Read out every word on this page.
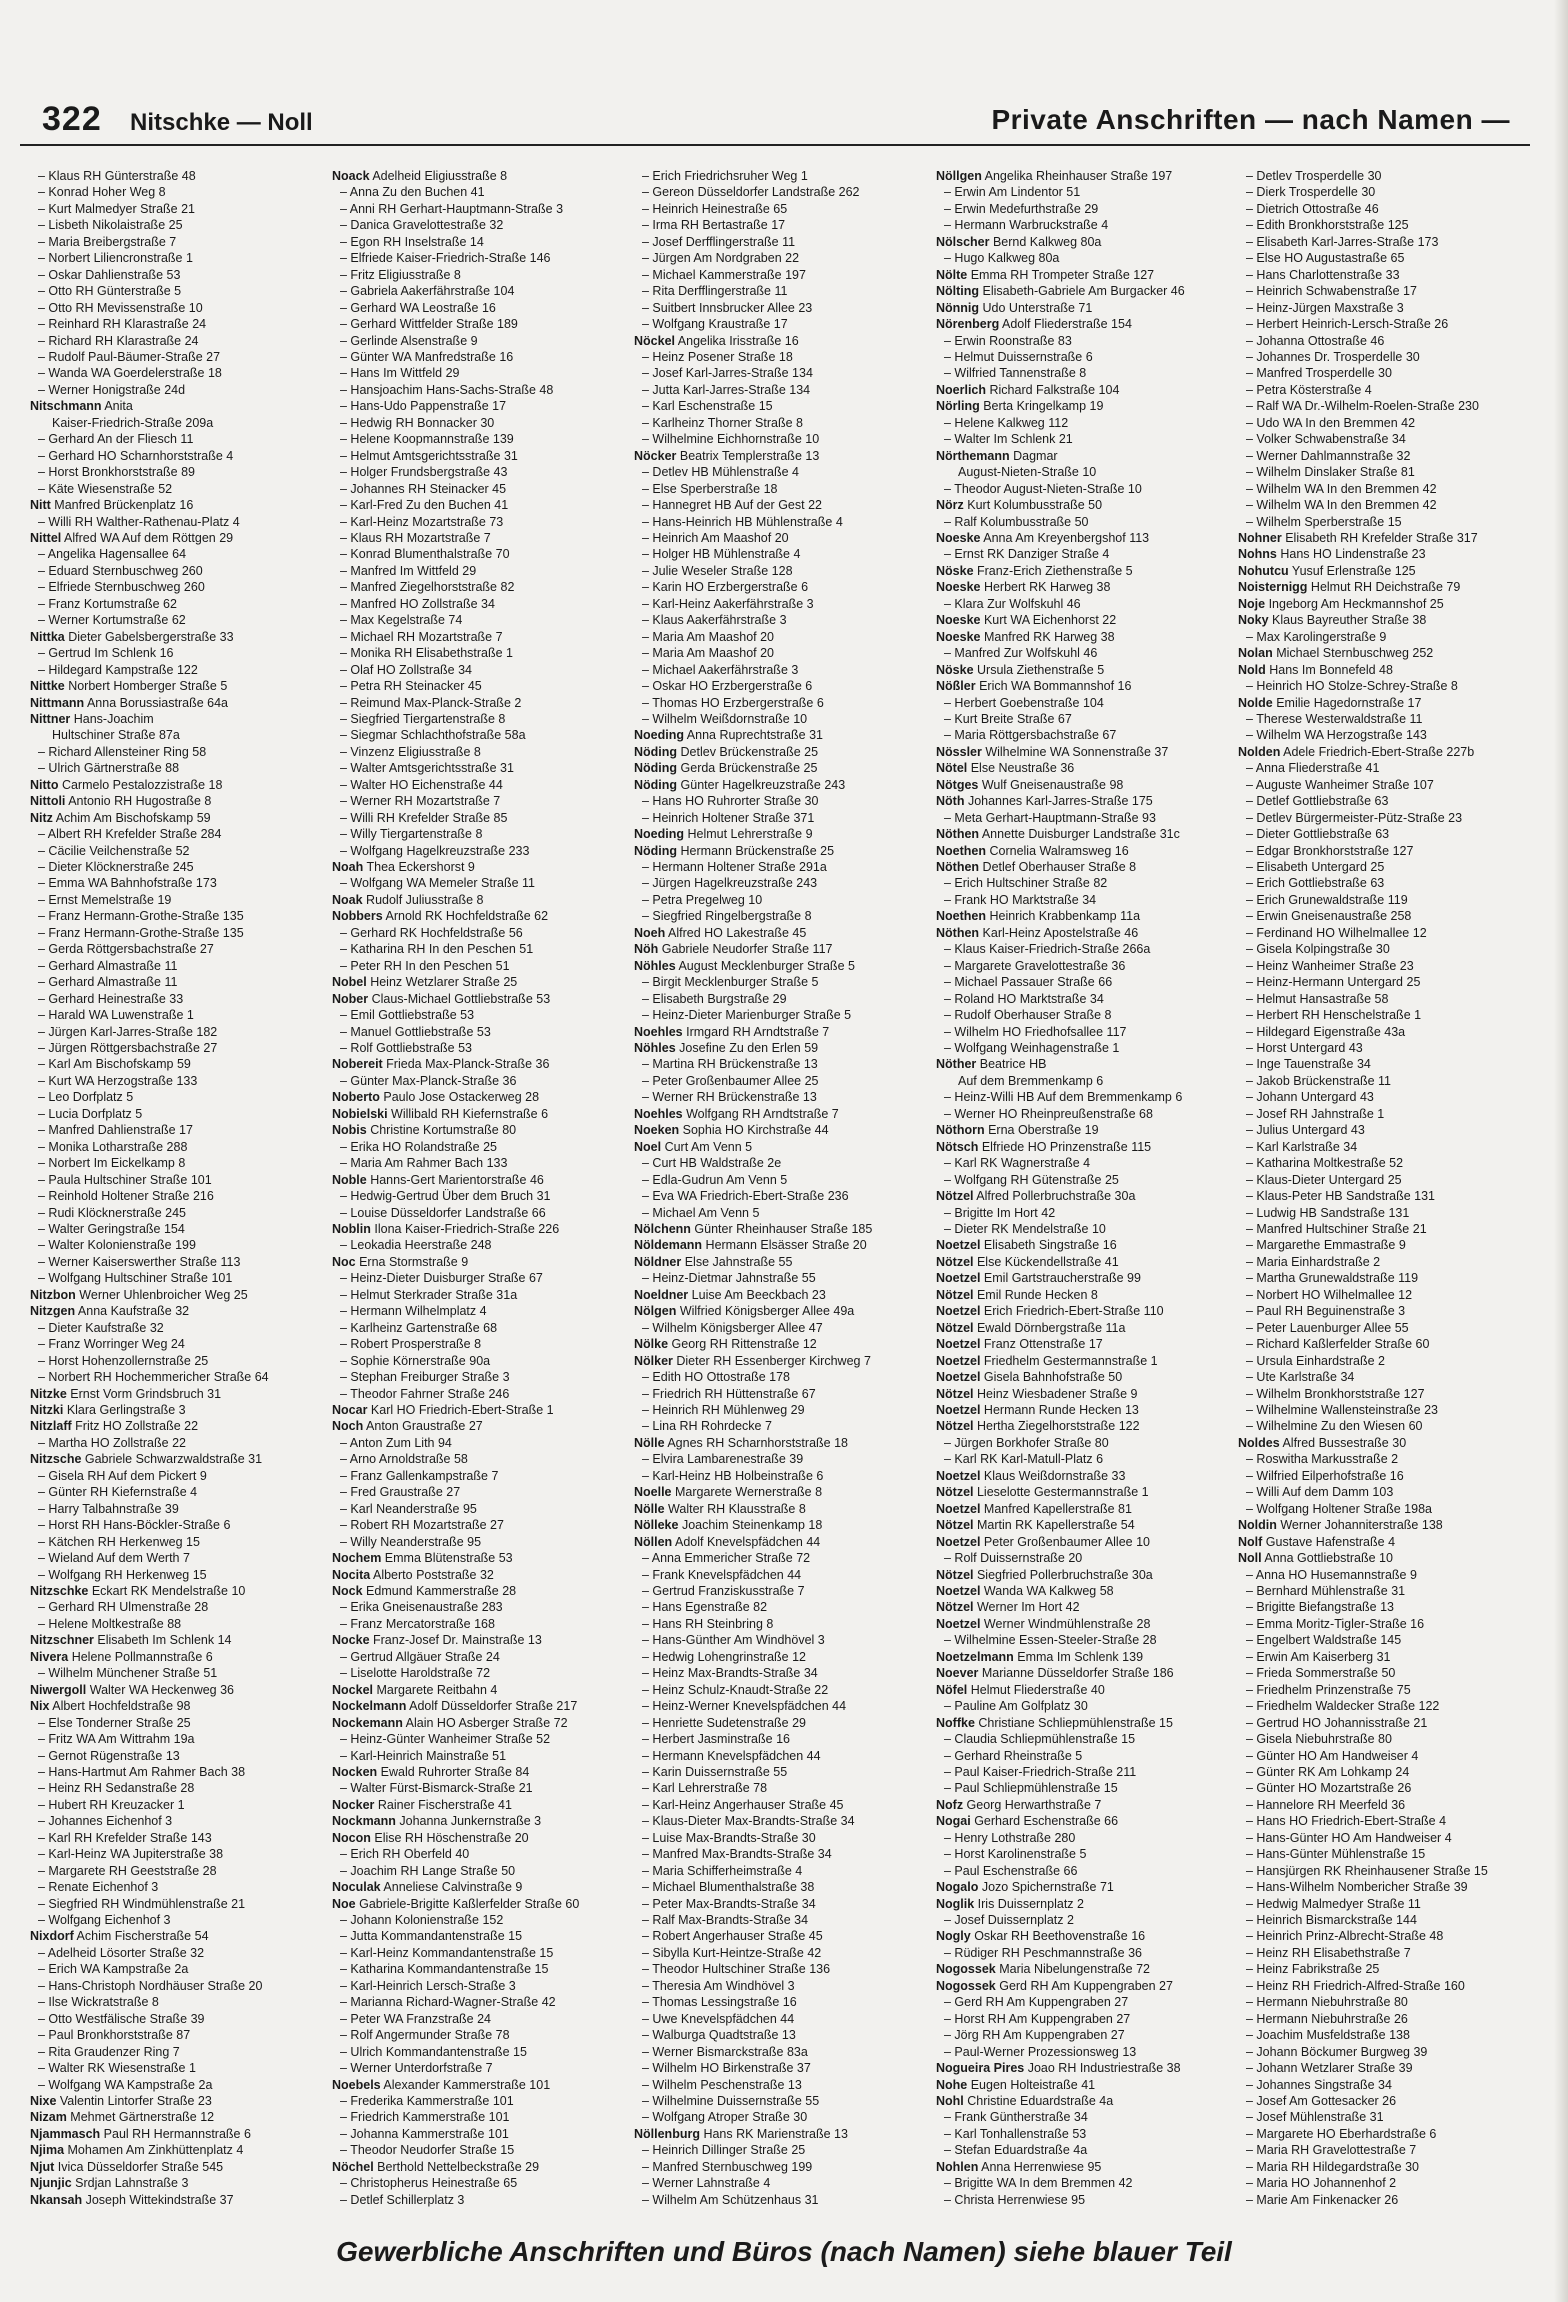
322 Nitschke — Noll	Private Anschriften — nach Namen —
– Klaus RH Günterstraße 48
– Konrad Hoher Weg 8
– Kurt Malmedyer Straße 21
– Lisbeth Nikolaistraße 25
– Maria Breibergstraße 7
– Norbert Liliencronstraße 1
– Oskar Dahlienstraße 53
– Otto RH Günterstraße 5
– Otto RH Mevissenstraße 10
– Reinhard RH Klarastraße 24
– Richard RH Klarastraße 24
– Rudolf Paul-Bäumer-Straße 27
– Wanda WA Goerdelerstraße 18
– Werner Honigstraße 24d
Nitschmann Anita
Kaiser-Friedrich-Straße 209a
– Gerhard An der Fliesch 11
– Gerhard HO Scharnhorststraße 4
– Horst Bronkhorststraße 89
– Käte Wiesenstraße 52
Nitt Manfred Brückenplatz 16
– Willi RH Walther-Rathenau-Platz 4
Nittel Alfred WA Auf dem Röttgen 29
– Angelika Hagensallee 64
– Eduard Sternbuschweg 260
– Elfriede Sternbuschweg 260
– Franz Kortumstraße 62
– Werner Kortumstraße 62
Nittka Dieter Gabelsbergerstraße 33
– Gertrud Im Schlenk 16
– Hildegard Kampstraße 122
Nittke Norbert Homberger Straße 5
Nittmann Anna Borussiastraße 64a
Nittner Hans-Joachim
Hultschiner Straße 87a
– Richard Allensteiner Ring 58
– Ulrich Gärtnerstraße 88
Nitto Carmelo Pestalozzistraße 18
Nittoli Antonio RH Hugostraße 8
Nitz Achim Am Bischofskamp 59
– Albert RH Krefelder Straße 284
– Cäcilie Veilchenstraße 52
– Dieter Klöcknerstraße 245
– Emma WA Bahnhofstraße 173
– Ernst Memelstraße 19
– Franz Hermann-Grothe-Straße 135
– Franz Hermann-Grothe-Straße 135
– Gerda Röttgersbachstraße 27
– Gerhard Almastraße 11
– Gerhard Almastraße 11
– Gerhard Heinestraße 33
– Harald WA Luwenstraße 1
– Jürgen Karl-Jarres-Straße 182
– Jürgen Röttgersbachstraße 27
– Karl Am Bischofskamp 59
– Kurt WA Herzogstraße 133
– Leo Dorfplatz 5
– Lucia Dorfplatz 5
– Manfred Dahlienstraße 17
– Monika Lotharstraße 288
– Norbert Im Eickelkamp 8
– Paula Hultschiner Straße 101
– Reinhold Holtener Straße 216
– Rudi Klöcknerstraße 245
– Walter Geringstraße 154
– Walter Kolonienstraße 199
– Werner Kaiserswerther Straße 113
– Wolfgang Hultschiner Straße 101
Nitzbon Werner Uhlenbroicher Weg 25
Nitzgen Anna Kaufstraße 32
– Dieter Kaufstraße 32
– Franz Worringer Weg 24
– Horst Hohenzollernstraße 25
– Norbert RH Hochemmericher Straße 64
Nitzke Ernst Vorm Grindsbruch 31
Nitzki Klara Gerlingstraße 3
Nitzlaff Fritz HO Zollstraße 22
– Martha HO Zollstraße 22
Nitzsche Gabriele Schwarzwaldstraße 31
– Gisela RH Auf dem Pickert 9
– Günter RH Kiefernstraße 4
– Harry Talbahnstraße 39
– Horst RH Hans-Böckler-Straße 6
– Kätchen RH Herkenweg 15
– Wieland Auf dem Werth 7
– Wolfgang RH Herkenweg 15
Nitzschke Eckart RK Mendelstraße 10
– Gerhard RH Ulmenstraße 28
– Helene Moltkestraße 88
Nitzschner Elisabeth Im Schlenk 14
Nivera Helene Pollmannstraße 6
– Wilhelm Münchener Straße 51
Niwergoll Walter WA Heckenweg 36
Nix Albert Hochfeldstraße 98
– Else Tonderner Straße 25
– Fritz WA Am Wittrahm 19a
– Gernot Rügenstraße 13
– Hans-Hartmut Am Rahmer Bach 38
– Heinz RH Sedanstraße 28
– Hubert RH Kreuzacker 1
– Johannes Eichenhof 3
– Karl RH Krefelder Straße 143
– Karl-Heinz WA Jupiterstraße 38
– Margarete RH Geeststraße 28
– Renate Eichenhof 3
– Siegfried RH Windmühlenstraße 21
– Wolfgang Eichenhof 3
Nixdorf Achim Fischerstraße 54
– Adelheid Lösorter Straße 32
– Erich WA Kampstraße 2a
– Hans-Christoph Nordhäuser Straße 20
– Ilse Wickratstraße 8
– Otto Westfälische Straße 39
– Paul Bronkhorststraße 87
– Rita Graudenzer Ring 7
– Walter RK Wiesenstraße 1
– Wolfgang WA Kampstraße 2a
Nixe Valentin Lintorfer Straße 23
Nizam Mehmet Gärtnerstraße 12
Njammasch Paul RH Hermannstraße 6
Njima Mohamen Am Zinkhüttenplatz 4
Njut Ivica Düsseldorfer Straße 545
Njunjic Srdjan Lahnstraße 3
Nkansah Joseph Wittekindstraße 37
Noack Adelheid Eligiusstraße 8
– Anna Zu den Buchen 41
– Anni RH Gerhart-Hauptmann-Straße 3
– Danica Gravelottestraße 32
– Egon RH Inselstraße 14
– Elfriede Kaiser-Friedrich-Straße 146
– Fritz Eligiusstraße 8
– Gabriela Aakerfährstraße 104
– Gerhard WA Leostraße 16
– Gerhard Wittfelder Straße 189
– Gerlinde Alsenstraße 9
– Günter WA Manfredstraße 16
– Hans Im Wittfeld 29
– Hansjoachim Hans-Sachs-Straße 48
– Hans-Udo Pappenstraße 17
– Hedwig RH Bonnacker 30
– Helene Koopmannstraße 139
– Helmut Amtsgerichtsstraße 31
– Holger Frundsbergstraße 43
– Johannes RH Steinacker 45
– Karl-Fred Zu den Buchen 41
– Karl-Heinz Mozartstraße 73
– Klaus RH Mozartstraße 7
– Konrad Blumenthalstraße 70
– Manfred Im Wittfeld 29
– Manfred Ziegelhorststraße 82
– Manfred HO Zollstraße 34
– Max Kegelstraße 74
– Michael RH Mozartstraße 7
– Monika RH Elisabethstraße 1
– Olaf HO Zollstraße 34
– Petra RH Steinacker 45
– Reimund Max-Planck-Straße 2
– Siegfried Tiergartenstraße 8
– Siegmar Schlachthofstraße 58a
– Vinzenz Eligiusstraße 8
– Walter Amtsgerichtsstraße 31
– Walter HO Eichenstraße 44
– Werner RH Mozartstraße 7
– Willi RH Krefelder Straße 85
– Willy Tiergartenstraße 8
– Wolfgang Hagelkreuzstraße 233
Noah Thea Eckershorst 9
– Wolfgang WA Memeler Straße 11
Noak Rudolf Juliusstraße 8
Nobbers Arnold RK Hochfeldstraße 62
– Gerhard RK Hochfeldstraße 56
– Katharina RH In den Peschen 51
– Peter RH In den Peschen 51
Nobel Heinz Wetzlarer Straße 25
Nober Claus-Michael Gottliebstraße 53
– Emil Gottliebstraße 53
– Manuel Gottliebstraße 53
– Rolf Gottliebstraße 53
Nobereit Frieda Max-Planck-Straße 36
– Günter Max-Planck-Straße 36
Noberto Paulo Jose Ostackerweg 28
Nobielski Willibald RH Kiefernstraße 6
Nobis Christine Kortumstraße 80
– Erika HO Rolandstraße 25
– Maria Am Rahmer Bach 133
Noble Hanns-Gert Marientorstraße 46
– Hedwig-Gertrud Über dem Bruch 31
– Louise Düsseldorfer Landstraße 66
Noblin Ilona Kaiser-Friedrich-Straße 226
– Leokadia Heerstraße 248
Noc Erna Stormstraße 9
– Heinz-Dieter Duisburger Straße 67
– Helmut Sterkrader Straße 31a
– Hermann Wilhelmplatz 4
– Karlheinz Gartenstraße 68
– Robert Prosperstraße 8
– Sophie Körnerstraße 90a
– Stephan Freiburger Straße 3
– Theodor Fahrner Straße 246
Nocar Karl HO Friedrich-Ebert-Straße 1
Noch Anton Graustraße 27
– Anton Zum Lith 94
– Arno Arnoldstraße 58
– Franz Gallenkampstraße 7
– Fred Graustraße 27
– Karl Neanderstraße 95
– Robert RH Mozartstraße 27
– Willy Neanderstraße 95
Nochem Emma Blütenstraße 53
Nocita Alberto Poststraße 32
Nock Edmund Kammerstraße 28
– Erika Gneisenaustraße 283
– Franz Mercatorstraße 168
Nocke Franz-Josef Dr. Mainstraße 13
– Gertrud Allgäuer Straße 24
– Liselotte Haroldstraße 72
Nockel Margarete Reitbahn 4
Nockelmann Adolf Düsseldorfer Straße 217
Nockemann Alain HO Asberger Straße 72
– Heinz-Günter Wanheimer Straße 52
– Karl-Heinrich Mainstraße 51
Nocken Ewald Ruhrorter Straße 84
– Walter Fürst-Bismarck-Straße 21
Nocker Rainer Fischerstraße 41
Nockmann Johanna Junkernstraße 3
Nocon Elise RH Höschenstraße 20
– Erich RH Oberfeld 40
– Joachim RH Lange Straße 50
Noculak Anneliese Calvinstraße 9
Noe Gabriele-Brigitte Kaßlerfelder Straße 60
– Johann Kolonienstraße 152
– Jutta Kommandantenstraße 15
– Karl-Heinz Kommandantenstraße 15
– Katharina Kommandantenstraße 15
– Karl-Heinrich Lersch-Straße 3
– Marianna Richard-Wagner-Straße 42
– Peter WA Franzstraße 24
– Rolf Angermunder Straße 78
– Ulrich Kommandantenstraße 15
– Werner Unterdorfstraße 7
Noebels Alexander Kammerstraße 101
– Frederika Kammerstraße 101
– Friedrich Kammerstraße 101
– Johanna Kammerstraße 101
– Theodor Neudorfer Straße 15
Nöchel Berthold Nettelbeckstraße 29
– Christopherus Heinestraße 65
– Detlef Schillerplatz 3
– Erich Friedrichsruher Weg 1
– Gereon Düsseldorfer Landstraße 262
– Heinrich Heinestraße 65
– Irma RH Bertastraße 17
– Josef Derfflingerstraße 11
– Jürgen Am Nordgraben 22
– Michael Kammerstraße 197
– Rita Derfflingerstraße 11
– Suitbert Innsbrucker Allee 23
– Wolfgang Kraustraße 17
Nöckel Angelika Irisstraße 16
– Heinz Posener Straße 18
– Josef Karl-Jarres-Straße 134
– Jutta Karl-Jarres-Straße 134
– Karl Eschenstraße 15
– Karlheinz Thorner Straße 8
– Wilhelmine Eichhornstraße 10
Nöcker Beatrix Templerstraße 13
– Detlev HB Mühlenstraße 4
– Else Sperberstraße 18
– Hannegret HB Auf der Gest 22
– Hans-Heinrich HB Mühlenstraße 4
– Heinrich Am Maashof 20
– Holger HB Mühlenstraße 4
– Julie Weseler Straße 128
– Karin HO Erzbergerstraße 6
– Karl-Heinz Aakerfährstraße 3
– Klaus Aakerfährstraße 3
– Maria Am Maashof 20
– Maria Am Maashof 20
– Michael Aakerfährstraße 3
– Oskar HO Erzbergerstraße 6
– Thomas HO Erzbergerstraße 6
– Wilhelm Weißdornstraße 10
Noeding Anna Ruprechtstraße 31
Nöding Detlev Brückenstraße 25
Nöding Gerda Brückenstraße 25
Nöding Günter Hagelkreuzstraße 243
– Hans HO Ruhrorter Straße 30
– Heinrich Holtener Straße 371
Noeding Helmut Lehrerstraße 9
Nöding Hermann Brückenstraße 25
– Hermann Holtener Straße 291a
– Jürgen Hagelkreuzstraße 243
– Petra Pregelweg 10
– Siegfried Ringelbergstraße 8
Noeh Alfred HO Lakestraße 45
Nöh Gabriele Neudorfer Straße 117
Nöhles August Mecklenburger Straße 5
– Birgit Mecklenburger Straße 5
– Elisabeth Burgstraße 29
– Heinz-Dieter Marienburger Straße 5
Noehles Irmgard RH Arndtstraße 7
Nöhles Josefine Zu den Erlen 59
– Martina RH Brückenstraße 13
– Peter Großenbaumer Allee 25
– Werner RH Brückenstraße 13
Noehles Wolfgang RH Arndtstraße 7
Noeken Sophia HO Kirchstraße 44
Noel Curt Am Venn 5
– Curt HB Waldstraße 2e
– Edla-Gudrun Am Venn 5
– Eva WA Friedrich-Ebert-Straße 236
– Michael Am Venn 5
Nölchenn Günter Rheinhauser Straße 185
Nöldemann Hermann Elsässer Straße 20
Nöldner Else Jahnstraße 55
– Heinz-Dietmar Jahnstraße 55
Noeldner Luise Am Beeckbach 23
Nölgen Wilfried Königsberger Allee 49a
– Wilhelm Königsberger Allee 47
Nölke Georg RH Rittenstraße 12
Nölker Dieter RH Essenberger Kirchweg 7
– Edith HO Ottostraße 178
– Friedrich RH Hüttenstraße 67
– Heinrich RH Mühlenweg 29
– Lina RH Rohrdecke 7
Nölle Agnes RH Scharnhorststraße 18
– Elvira Lambarenestraße 39
– Karl-Heinz HB Holbeinstraße 6
Noelle Margarete Wernerstraße 8
Nölle Walter RH Klausstraße 8
Nölleke Joachim Steinenkamp 18
Nöllen Adolf Knevelspfädchen 44
– Anna Emmericher Straße 72
– Frank Knevelspfädchen 44
– Gertrud Franziskusstraße 7
– Hans Egenstraße 82
– Hans RH Steinbring 8
– Hans-Günther Am Windhövel 3
– Hedwig Lohengrinstraße 12
– Heinz Max-Brandts-Straße 34
– Heinz Schulz-Knaudt-Straße 22
– Heinz-Werner Knevelspfädchen 44
– Henriette Sudetenstraße 29
– Herbert Jasminstraße 16
– Hermann Knevelspfädchen 44
– Karin Duissernstraße 55
– Karl Lehrerstraße 78
– Karl-Heinz Angerhauser Straße 45
– Klaus-Dieter Max-Brandts-Straße 34
– Luise Max-Brandts-Straße 30
– Manfred Max-Brandts-Straße 34
– Maria Schifferheimstraße 4
– Michael Blumenthalstraße 38
– Peter Max-Brandts-Straße 34
– Ralf Max-Brandts-Straße 34
– Robert Angerhauser Straße 45
– Sibylla Kurt-Heintze-Straße 42
– Theodor Hultschiner Straße 136
– Theresia Am Windhövel 3
– Thomas Lessingstraße 16
– Uwe Knevelspfädchen 44
– Walburga Quadtstraße 13
– Werner Bismarckstraße 83a
– Wilhelm HO Birkenstraße 37
– Wilhelm Peschenstraße 13
– Wilhelmine Duissernstraße 55
– Wolfgang Atroper Straße 30
Nöllenburg Hans RK Marienstraße 13
– Heinrich Dillinger Straße 25
– Manfred Sternbuschweg 199
– Werner Lahnstraße 4
– Wilhelm Am Schützenhaus 31
Nöllgen Angelika Rheinhauser Straße 197
– Erwin Am Lindentor 51
– Erwin Medefurthstraße 29
– Hermann Warbruckstraße 4
Nölscher Bernd Kalkweg 80a
– Hugo Kalkweg 80a
Nölte Emma RH Trompeter Straße 127
Nölting Elisabeth-Gabriele Am Burgacker 46
Nönnig Udo Unterstraße 71
Nörenberg Adolf Fliederstraße 154
– Erwin Roonstraße 83
– Helmut Duissernstraße 6
– Wilfried Tannenstraße 8
Noerlich Richard Falkstraße 104
Nörling Berta Kringelkamp 19
– Helene Kalkweg 112
– Walter Im Schlenk 21
Nörthemann Dagmar
August-Nieten-Straße 10
– Theodor August-Nieten-Straße 10
Nörz Kurt Kolumbusstraße 50
– Ralf Kolumbusstraße 50
Noeske Anna Am Kreyenbergshof 113
– Ernst RK Danziger Straße 4
Nöske Franz-Erich Ziethenstraße 5
Noeske Herbert RK Harweg 38
– Klara Zur Wolfskuhl 46
Noeske Kurt WA Eichenhorst 22
Noeske Manfred RK Harweg 38
– Manfred Zur Wolfskuhl 46
Nöske Ursula Ziethenstraße 5
Nößler Erich WA Bommannshof 16
– Herbert Goebenstraße 104
– Kurt Breite Straße 67
– Maria Röttgersbachstraße 67
Nössler Wilhelmine WA Sonnenstraße 37
Nötel Else Neustraße 36
Nötges Wulf Gneisenaustraße 98
Nöth Johannes Karl-Jarres-Straße 175
– Meta Gerhart-Hauptmann-Straße 93
Nöthen Annette Duisburger Landstraße 31c
Noethen Cornelia Walramsweg 16
Nöthen Detlef Oberhauser Straße 8
– Erich Hultschiner Straße 82
– Frank HO Marktstraße 34
Noethen Heinrich Krabbenkamp 11a
Nöthen Karl-Heinz Apostelstraße 46
– Klaus Kaiser-Friedrich-Straße 266a
– Margarete Gravelottestraße 36
– Michael Passauer Straße 66
– Roland HO Marktstraße 34
– Rudolf Oberhauser Straße 8
– Wilhelm HO Friedhofsallee 117
– Wolfgang Weinhagenstraße 1
Nöther Beatrice HB
Auf dem Bremmenkamp 6
– Heinz-Willi HB Auf dem Bremmenkamp 6
– Werner HO Rheinpreußenstraße 68
Nöthorn Erna Oberstraße 19
Nötsch Elfriede HO Prinzenstraße 115
– Karl RK Wagnerstraße 4
– Wolfgang RH Gütenstraße 25
Nötzel Alfred Pollerbruchstraße 30a
– Brigitte Im Hort 42
– Dieter RK Mendelstraße 10
Noetzel Elisabeth Singstraße 16
Nötzel Else Kückendellstraße 41
Noetzel Emil Gartstraucherstraße 99
Nötzel Emil Runde Hecken 8
Noetzel Erich Friedrich-Ebert-Straße 110
Nötzel Ewald Dörnbergstraße 11a
Noetzel Franz Ottenstraße 17
Noetzel Friedhelm Gestermannstraße 1
Noetzel Gisela Bahnhofstraße 50
Nötzel Heinz Wiesbadener Straße 9
Noetzel Hermann Runde Hecken 13
Nötzel Hertha Ziegelhorststraße 122
– Jürgen Borkhofer Straße 80
– Karl RK Karl-Matull-Platz 6
Noetzel Klaus Weißdornstraße 33
Nötzel Lieselotte Gestermannstraße 1
Noetzel Manfred Kapellerstraße 81
Nötzel Martin RK Kapellerstraße 54
Noetzel Peter Großenbaumer Allee 10
– Rolf Duissernstraße 20
Nötzel Siegfried Pollerbruchstraße 30a
Noetzel Wanda WA Kalkweg 58
Nötzel Werner Im Hort 42
Noetzel Werner Windmühlenstraße 28
– Wilhelmine Essen-Steeler-Straße 28
Noetzelmann Emma Im Schlenk 139
Noever Marianne Düsseldorfer Straße 186
Nöfel Helmut Fliederstraße 40
– Pauline Am Golfplatz 30
Noffke Christiane Schliepmühlenstraße 15
– Claudia Schliepmühlenstraße 15
– Gerhard Rheinstraße 5
– Paul Kaiser-Friedrich-Straße 211
– Paul Schliepmühlenstraße 15
Nofz Georg Herwarthstraße 7
Nogai Gerhard Eschenstraße 66
– Henry Lothstraße 280
– Horst Karolinenstraße 5
– Paul Eschenstraße 66
Nogalo Jozo Spichernstraße 71
Noglik Iris Duissernplatz 2
– Josef Duissernplatz 2
Nogly Oskar RH Beethovenstraße 16
– Rüdiger RH Peschmannstraße 36
Nogossek Maria Nibelungenstraße 72
Nogossek Gerd RH Am Kuppengraben 27
– Gerd RH Am Kuppengraben 27
– Horst RH Am Kuppengraben 27
– Jörg RH Am Kuppengraben 27
– Paul-Werner Prozessionsweg 13
Nogueira Pires Joao RH Industriestraße 38
Nohe Eugen Holteistraße 41
Nohl Christine Eduardstraße 4a
– Frank Güntherstraße 34
– Karl Tonhallenstraße 53
– Stefan Eduardstraße 4a
Nohlen Anna Herrenwiese 95
– Brigitte WA In dem Bremmen 42
– Christa Herrenwiese 95
– Detlev Trosperdelle 30
– Dierk Trosperdelle 30
– Dietrich Ottostraße 46
– Edith Bronkhorststraße 125
– Elisabeth Karl-Jarres-Straße 173
– Else HO Augustastraße 65
– Hans Charlottenstraße 33
– Heinrich Schwabenstraße 17
– Heinz-Jürgen Maxstraße 3
– Herbert Heinrich-Lersch-Straße 26
– Johanna Ottostraße 46
– Johannes Dr. Trosperdelle 30
– Manfred Trosperdelle 30
– Petra Kösterstraße 4
– Ralf WA Dr.-Wilhelm-Roelen-Straße 230
– Udo WA In den Bremmen 42
– Volker Schwabenstraße 34
– Werner Dahlmannstraße 32
– Wilhelm Dinslaker Straße 81
– Wilhelm WA In den Bremmen 42
– Wilhelm WA In den Bremmen 42
– Wilhelm Sperberstraße 15
Nohner Elisabeth RH Krefelder Straße 317
Nohns Hans HO Lindenstraße 23
Nohutcu Yusuf Erlenstraße 125
Noisternigg Helmut RH Deichstraße 79
Noje Ingeborg Am Heckmannshof 25
Noky Klaus Bayreuther Straße 38
– Max Karolingerstraße 9
Nolan Michael Sternbuschweg 252
Nold Hans Im Bonnefeld 48
– Heinrich HO Stolze-Schrey-Straße 8
Nolde Emilie Hagedornstraße 17
– Therese Westerwaldstraße 11
– Wilhelm WA Herzogstraße 143
Nolden Adele Friedrich-Ebert-Straße 227b
– Anna Fliederstraße 41
– Auguste Wanheimer Straße 107
– Detlef Gottliebstraße 63
– Detlev Bürgermeister-Pütz-Straße 23
– Dieter Gottliebstraße 63
– Edgar Bronkhorststraße 127
– Elisabeth Untergard 25
– Erich Gottliebstraße 63
– Erich Grunewaldstraße 119
– Erwin Gneisenaustraße 258
– Ferdinand HO Wilhelmallee 12
– Gisela Kolpingstraße 30
– Heinz Wanheimer Straße 23
– Heinz-Hermann Untergard 25
– Helmut Hansastraße 58
– Herbert RH Henschelstraße 1
– Hildegard Eigenstraße 43a
– Horst Untergard 43
– Inge Tauenstraße 34
– Jakob Brückenstraße 11
– Johann Untergard 43
– Josef RH Jahnstraße 1
– Julius Untergard 43
– Karl Karlstraße 34
– Katharina Moltkestraße 52
– Klaus-Dieter Untergard 25
– Klaus-Peter HB Sandstraße 131
– Ludwig HB Sandstraße 131
– Manfred Hultschiner Straße 21
– Margarethe Emmastraße 9
– Maria Einhardstraße 2
– Martha Grunewaldstraße 119
– Norbert HO Wilhelmallee 12
– Paul RH Beguinenstraße 3
– Peter Lauenburger Allee 55
– Richard Kaßlerfelder Straße 60
– Ursula Einhardstraße 2
– Ute Karlstraße 34
– Wilhelm Bronkhorststraße 127
– Wilhelmine Wallensteinstraße 23
– Wilhelmine Zu den Wiesen 60
Noldes Alfred Bussestraße 30
– Roswitha Markusstraße 2
– Wilfried Eilperhofstraße 16
– Willi Auf dem Damm 103
– Wolfgang Holtener Straße 198a
Noldin Werner Johanniterstraße 138
Nolf Gustave Hafenstraße 4
Noll Anna Gottliebstraße 10
– Anna HO Husemannstraße 9
– Bernhard Mühlenstraße 31
– Brigitte Biefangstraße 13
– Emma Moritz-Tigler-Straße 16
– Engelbert Waldstraße 145
– Erwin Am Kaiserberg 31
– Frieda Sommerstraße 50
– Friedhelm Prinzenstraße 75
– Friedhelm Waldecker Straße 122
– Gertrud HO Johannisstraße 21
– Gisela Niebuhrstraße 80
– Günter HO Am Handweiser 4
– Günter RK Am Lohkamp 24
– Günter HO Mozartstraße 26
– Hannelore RH Meerfeld 36
– Hans HO Friedrich-Ebert-Straße 4
– Hans-Günter HO Am Handweiser 4
– Hans-Günter Mühlenstraße 15
– Hansjürgen RK Rheinhausener Straße 15
– Hans-Wilhelm Nombericher Straße 39
– Hedwig Malmedyer Straße 11
– Heinrich Bismarckstraße 144
– Heinrich Prinz-Albrecht-Straße 48
– Heinz RH Elisabethstraße 7
– Heinz Fabrikstraße 25
– Heinz RH Friedrich-Alfred-Straße 160
– Hermann Niebuhrstraße 80
– Hermann Niebuhrstraße 26
– Joachim Musfeldstraße 138
– Johann Böckumer Burgweg 39
– Johann Wetzlarer Straße 39
– Johannes Singstraße 34
– Josef Am Gottesacker 26
– Josef Mühlenstraße 31
– Margarete HO Eberhardstraße 6
– Maria RH Gravelottestraße 7
– Maria RH Hildegardstraße 30
– Maria HO Johannenhof 2
– Marie Am Finkenacker 26
Gewerbliche Anschriften und Büros (nach Namen) siehe blauer Teil
